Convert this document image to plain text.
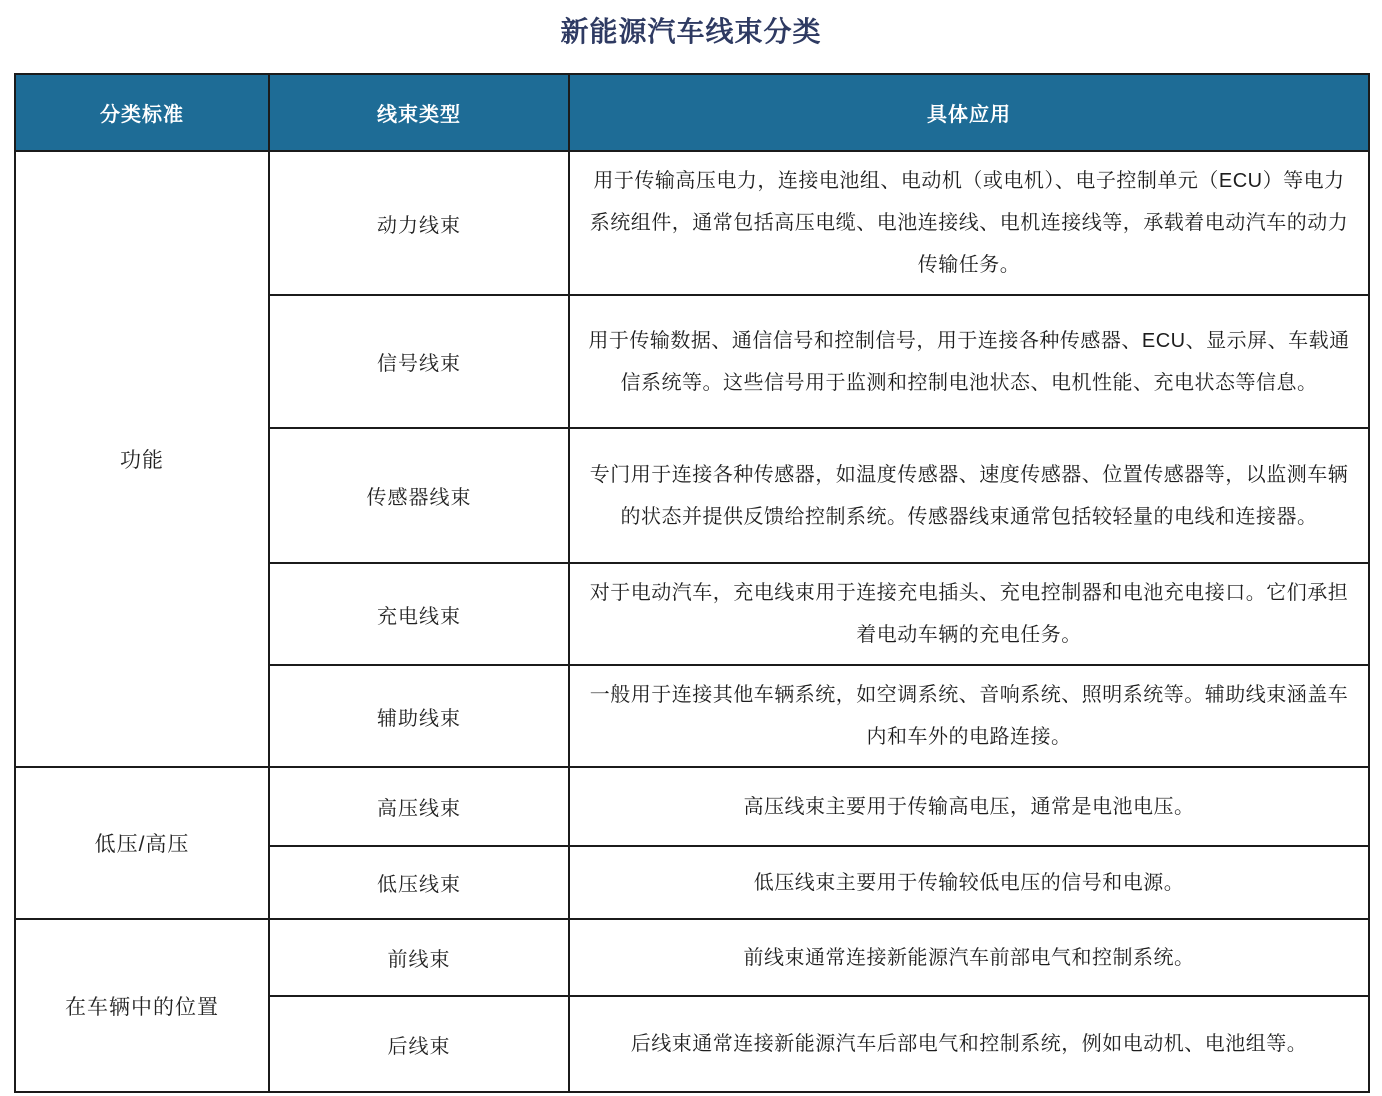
新能源汽车线束分类
分类标准	线束类型	具体应用
功能	动力线束	用于传输高压电力，连接电池组、电动机（或电机）、电子控制单元（ECU）等电力系统组件，通常包括高压电缆、电池连接线、电机连接线等，承载着电动汽车的动力传输任务。
	信号线束	用于传输数据、通信信号和控制信号，用于连接各种传感器、ECU、显示屏、车载通信系统等。这些信号用于监测和控制电池状态、电机性能、充电状态等信息。
	传感器线束	专门用于连接各种传感器，如温度传感器、速度传感器、位置传感器等，以监测车辆的状态并提供反馈给控制系统。传感器线束通常包括较轻量的电线和连接器。
	充电线束	对于电动汽车，充电线束用于连接充电插头、充电控制器和电池充电接口。它们承担着电动车辆的充电任务。
	辅助线束	一般用于连接其他车辆系统，如空调系统、音响系统、照明系统等。辅助线束涵盖车内和车外的电路连接。
低压/高压	高压线束	高压线束主要用于传输高电压，通常是电池电压。
	低压线束	低压线束主要用于传输较低电压的信号和电源。
在车辆中的位置	前线束	前线束通常连接新能源汽车前部电气和控制系统。
	后线束	后线束通常连接新能源汽车后部电气和控制系统，例如电动机、电池组等。
